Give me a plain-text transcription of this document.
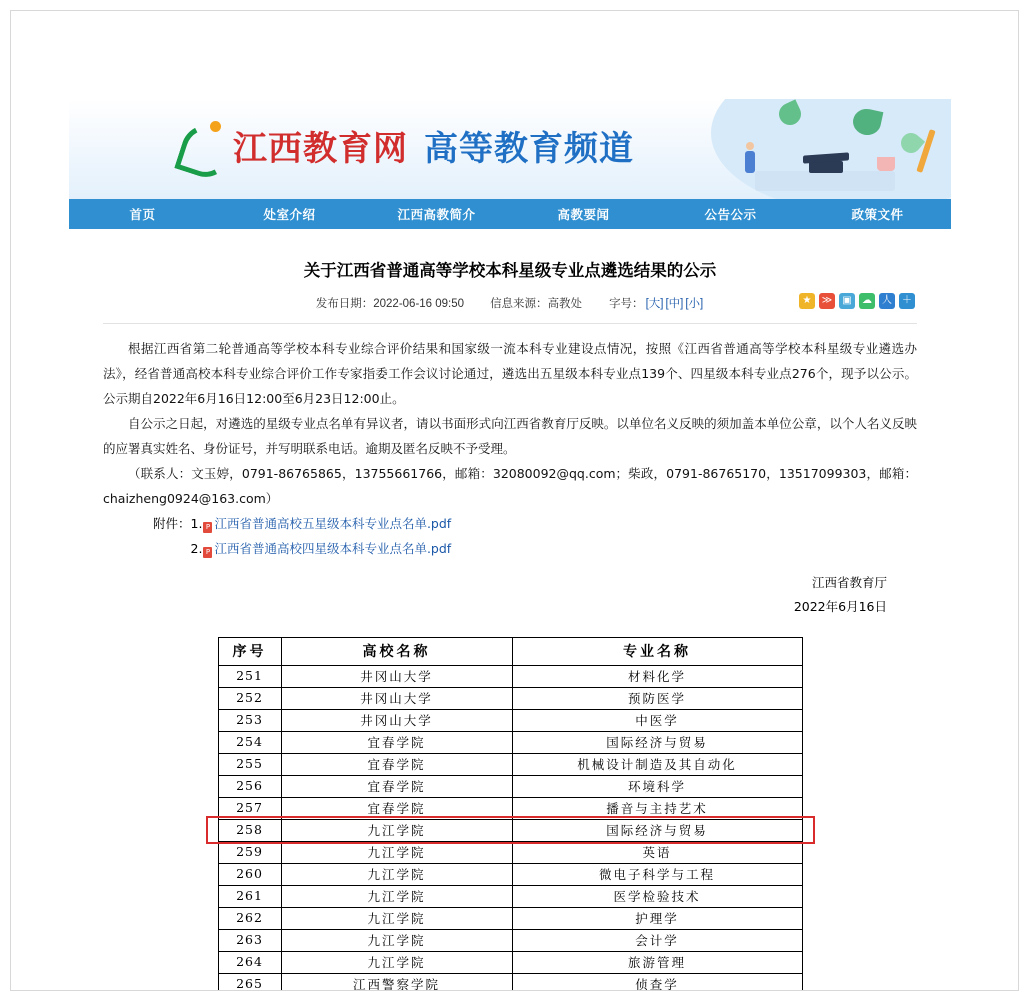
江西教育网 高等教育频道
首页	处室介绍	江西高教简介	高教要闻	公告公示	政策文件
关于江西省普通高等学校本科星级专业点遴选结果的公示
发布日期：2022-06-16 09:50 信息来源：高教处 字号： [大] [中] [小]	★	≫	▣	☁	人	＋

根据江西省第二轮普通高等学校本科专业综合评价结果和国家级一流本科专业建设点情况，按照《江西省普通高等学校本科星级专业遴选办法》，经省普通高校本科专业综合评价工作专家指委工作会议讨论通过，遴选出五星级本科专业点139个、四星级本科专业点276个，现予以公示。公示期自2022年6月16日12:00至6月23日12:00止。

自公示之日起，对遴选的星级专业点名单有异议者，请以书面形式向江西省教育厅反映。以单位名义反映的须加盖本单位公章，以个人名义反映的应署真实姓名、身份证号，并写明联系电话。逾期及匿名反映不予受理。

（联系人：文玉婷，0791-86765865，13755661766，邮箱：32080092@qq.com；柴政，0791-86765170，13517099303，邮箱：chaizheng0924@163.com）

附件：1. P 江西省普通高校五星级本科专业点名单.pdf
2. P 江西省普通高校四星级本科专业点名单.pdf
江西省教育厅
2022年6月16日
序号	高校名称	专业名称
251	井冈山大学	材料化学
252	井冈山大学	预防医学
253	井冈山大学	中医学
254	宜春学院	国际经济与贸易
255	宜春学院	机械设计制造及其自动化
256	宜春学院	环境科学
257	宜春学院	播音与主持艺术
258	九江学院	国际经济与贸易
259	九江学院	英语
260	九江学院	微电子科学与工程
261	九江学院	医学检验技术
262	九江学院	护理学
263	九江学院	会计学
264	九江学院	旅游管理
265	江西警察学院	侦查学
